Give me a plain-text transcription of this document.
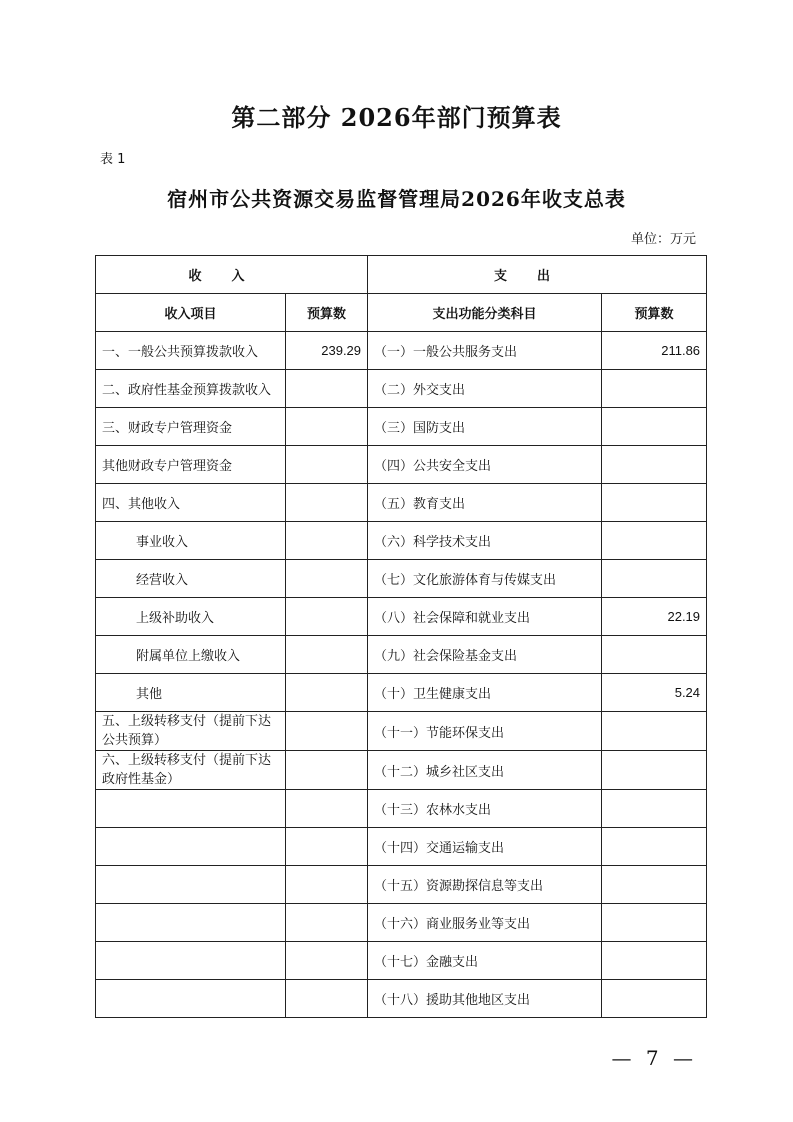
第二部分 2026年部门预算表
表 1
宿州市公共资源交易监督管理局2026年收支总表
单位：万元
收入		支出	
收入项目	预算数	支出功能分类科目	预算数
一、一般公共预算拨款收入	239.29	（一）一般公共服务支出	211.86
二、政府性基金预算拨款收入		（二）外交支出	
三、财政专户管理资金		（三）国防支出	
其他财政专户管理资金		（四）公共安全支出	
四、其他收入		（五）教育支出	
事业收入		（六）科学技术支出	
经营收入		（七）文化旅游体育与传媒支出	
上级补助收入		（八）社会保障和就业支出	22.19
附属单位上缴收入		（九）社会保险基金支出	
其他		（十）卫生健康支出	5.24
五、上级转移支付（提前下达公共预算）		（十一）节能环保支出	
六、上级转移支付（提前下达政府性基金）		（十二）城乡社区支出	
		（十三）农林水支出	
		（十四）交通运输支出	
		（十五）资源勘探信息等支出	
		（十六）商业服务业等支出	
		（十七）金融支出	
		（十八）援助其他地区支出	
— 7 —
